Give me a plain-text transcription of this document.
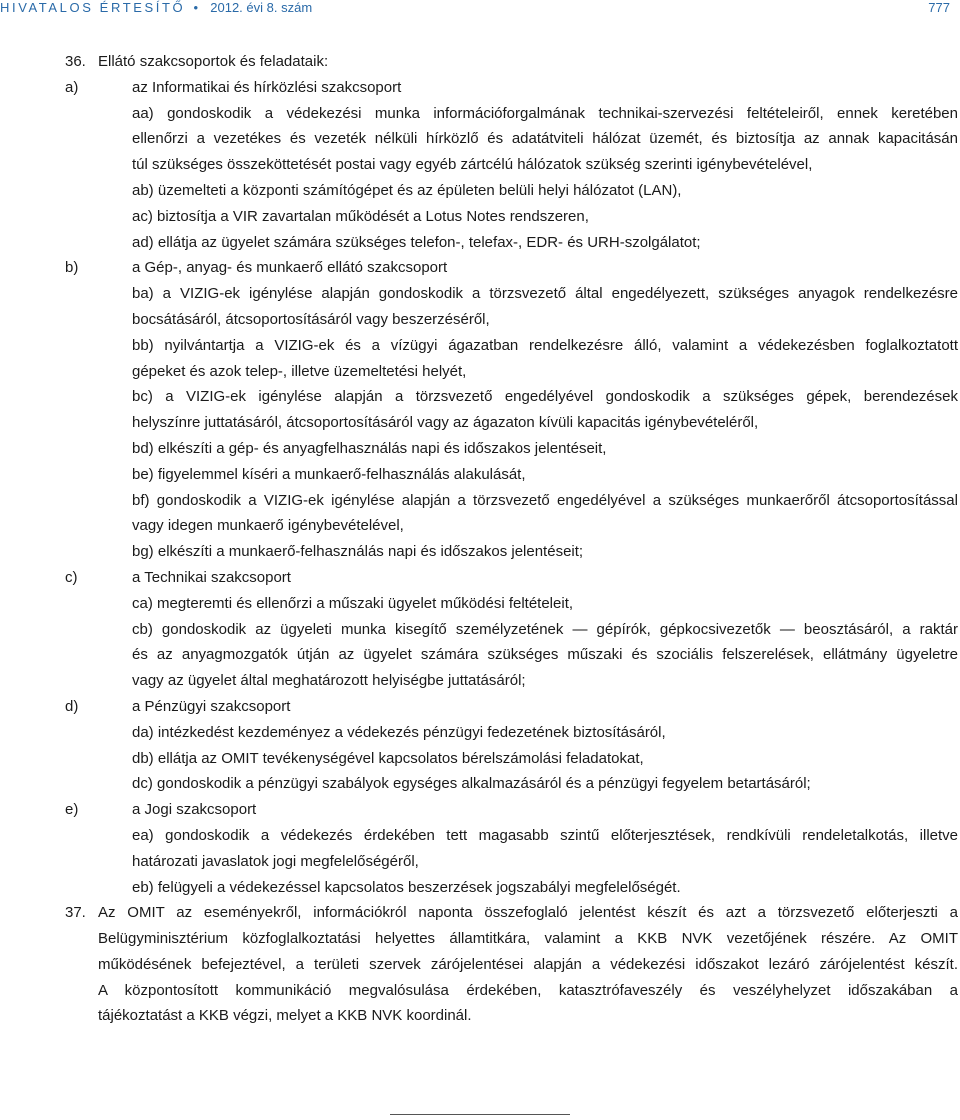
HIVATALOS ÉRTESÍTŐ • 2012. évi 8. szám	777
36. Ellátó szakcsoportok és feladataik:
a)	az Informatikai és hírközlési szakcsoport
aa) gondoskodik a védekezési munka információforgalmának technikai-szervezési feltételeiről, ennek keretében
ellenőrzi a vezetékes és vezeték nélküli hírközlő és adatátviteli hálózat üzemét, és biztosítja az annak kapacitásán
túl szükséges összeköttetését postai vagy egyéb zártcélú hálózatok szükség szerinti igénybevételével,
ab) üzemelteti a központi számítógépet és az épületen belüli helyi hálózatot (LAN),
ac) biztosítja a VIR zavartalan működését a Lotus Notes rendszeren,
ad) ellátja az ügyelet számára szükséges telefon-, telefax-, EDR- és URH-szolgálatot;
b)	a Gép-, anyag- és munkaerő ellátó szakcsoport
ba) a VIZIG-ek igénylése alapján gondoskodik a törzsvezető által engedélyezett, szükséges anyagok rendelkezésre
bocsátásáról, átcsoportosításáról vagy beszerzéséről,
bb) nyilvántartja a VIZIG-ek és a vízügyi ágazatban rendelkezésre álló, valamint a védekezésben foglalkoztatott
gépeket és azok telep-, illetve üzemeltetési helyét,
bc) a VIZIG-ek igénylése alapján a törzsvezető engedélyével gondoskodik a szükséges gépek, berendezések
helyszínre juttatásáról, átcsoportosításáról vagy az ágazaton kívüli kapacitás igénybevételéről,
bd) elkészíti a gép- és anyagfelhasználás napi és időszakos jelentéseit,
be) figyelemmel kíséri a munkaerő-felhasználás alakulását,
bf) gondoskodik a VIZIG-ek igénylése alapján a törzsvezető engedélyével a szükséges munkaerőről átcsoportosítással
vagy idegen munkaerő igénybevételével,
bg) elkészíti a munkaerő-felhasználás napi és időszakos jelentéseit;
c)	a Technikai szakcsoport
ca) megteremti és ellenőrzi a műszaki ügyelet működési feltételeit,
cb) gondoskodik az ügyeleti munka kisegítő személyzetének — gépírók, gépkocsivezetők — beosztásáról, a raktár
és az anyagmozgatók útján az ügyelet számára szükséges műszaki és szociális felszerelések, ellátmány ügyeletre
vagy az ügyelet által meghatározott helyiségbe juttatásáról;
d)	a Pénzügyi szakcsoport
da) intézkedést kezdeményez a védekezés pénzügyi fedezetének biztosításáról,
db) ellátja az OMIT tevékenységével kapcsolatos bérelszámolási feladatokat,
dc) gondoskodik a pénzügyi szabályok egységes alkalmazásáról és a pénzügyi fegyelem betartásáról;
e)	a Jogi szakcsoport
ea) gondoskodik a védekezés érdekében tett magasabb szintű előterjesztések, rendkívüli rendeletalkotás, illetve
határozati javaslatok jogi megfelelőségéről,
eb) felügyeli a védekezéssel kapcsolatos beszerzések jogszabályi megfelelőségét.
37. Az OMIT az eseményekről, információkról naponta összefoglaló jelentést készít és azt a törzsvezető előterjeszti a
Belügyminisztérium közfoglalkoztatási helyettes államtitkára, valamint a KKB NVK vezetőjének részére. Az OMIT
működésének befejeztével, a területi szervek zárójelentései alapján a védekezési időszakot lezáró zárójelentést készít.
A központosított kommunikáció megvalósulása érdekében, katasztrófaveszély és veszélyhelyzet időszakában a
tájékoztatást a KKB végzi, melyet a KKB NVK koordinál.
